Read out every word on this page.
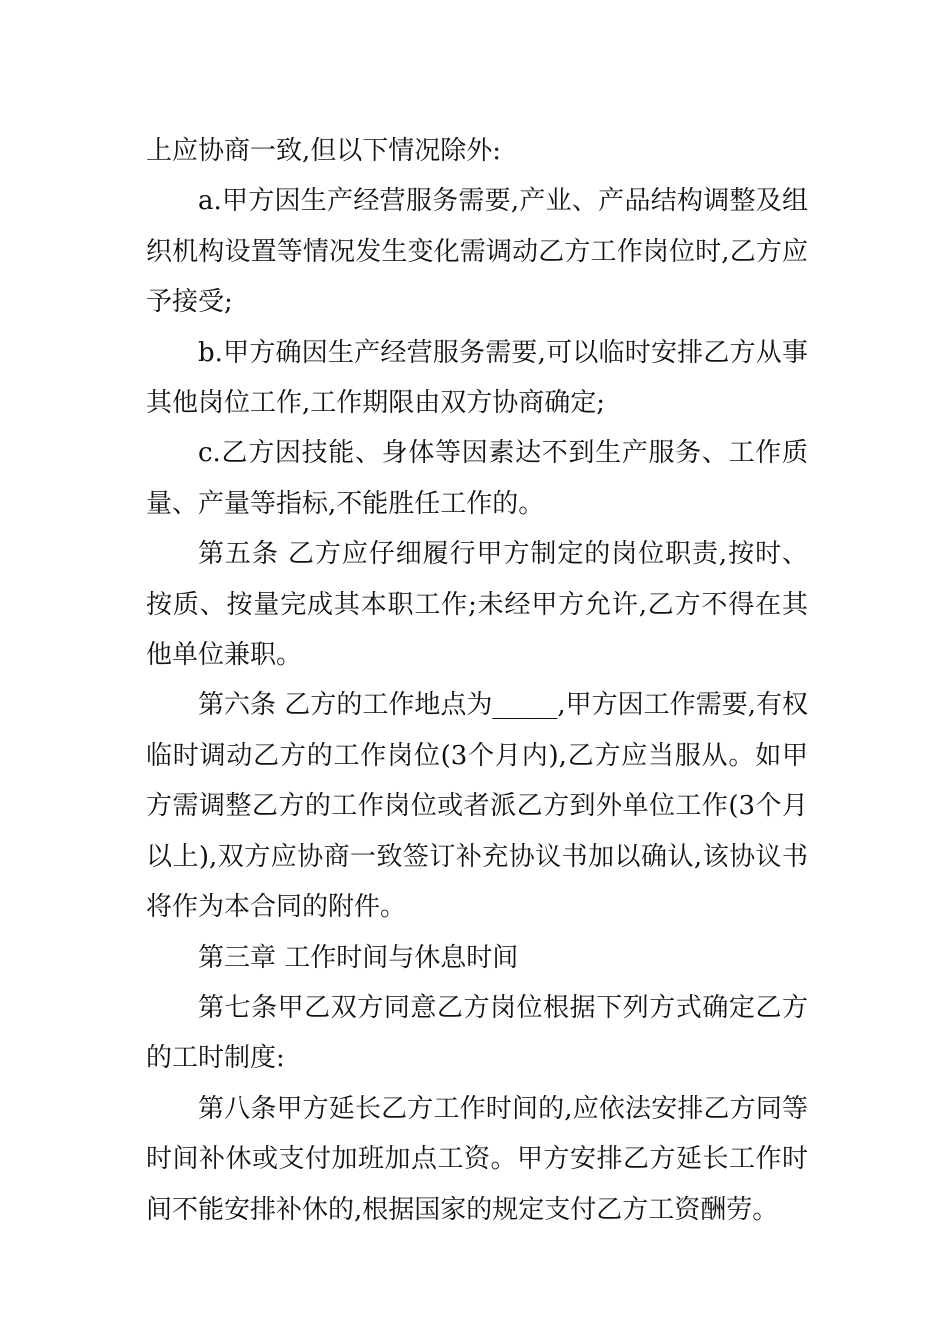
上应协商一致,但以下情况除外:

a.甲方因生产经营服务需要,产业、产品结构调整及组织机构设置等情况发生变化需调动乙方工作岗位时,乙方应予接受;

b.甲方确因生产经营服务需要,可以临时安排乙方从事其他岗位工作,工作期限由双方协商确定;

c.乙方因技能、身体等因素达不到生产服务、工作质量、产量等指标,不能胜任工作的。

第五条 乙方应仔细履行甲方制定的岗位职责,按时、按质、按量完成其本职工作;未经甲方允许,乙方不得在其他单位兼职。

第六条 乙方的工作地点为_____,甲方因工作需要,有权临时调动乙方的工作岗位(3个月内),乙方应当服从。如甲方需调整乙方的工作岗位或者派乙方到外单位工作(3个月以上),双方应协商一致签订补充协议书加以确认,该协议书将作为本合同的附件。

第三章 工作时间与休息时间

第七条甲乙双方同意乙方岗位根据下列方式确定乙方的工时制度:

第八条甲方延长乙方工作时间的,应依法安排乙方同等时间补休或支付加班加点工资。甲方安排乙方延长工作时间不能安排补休的,根据国家的规定支付乙方工资酬劳。
